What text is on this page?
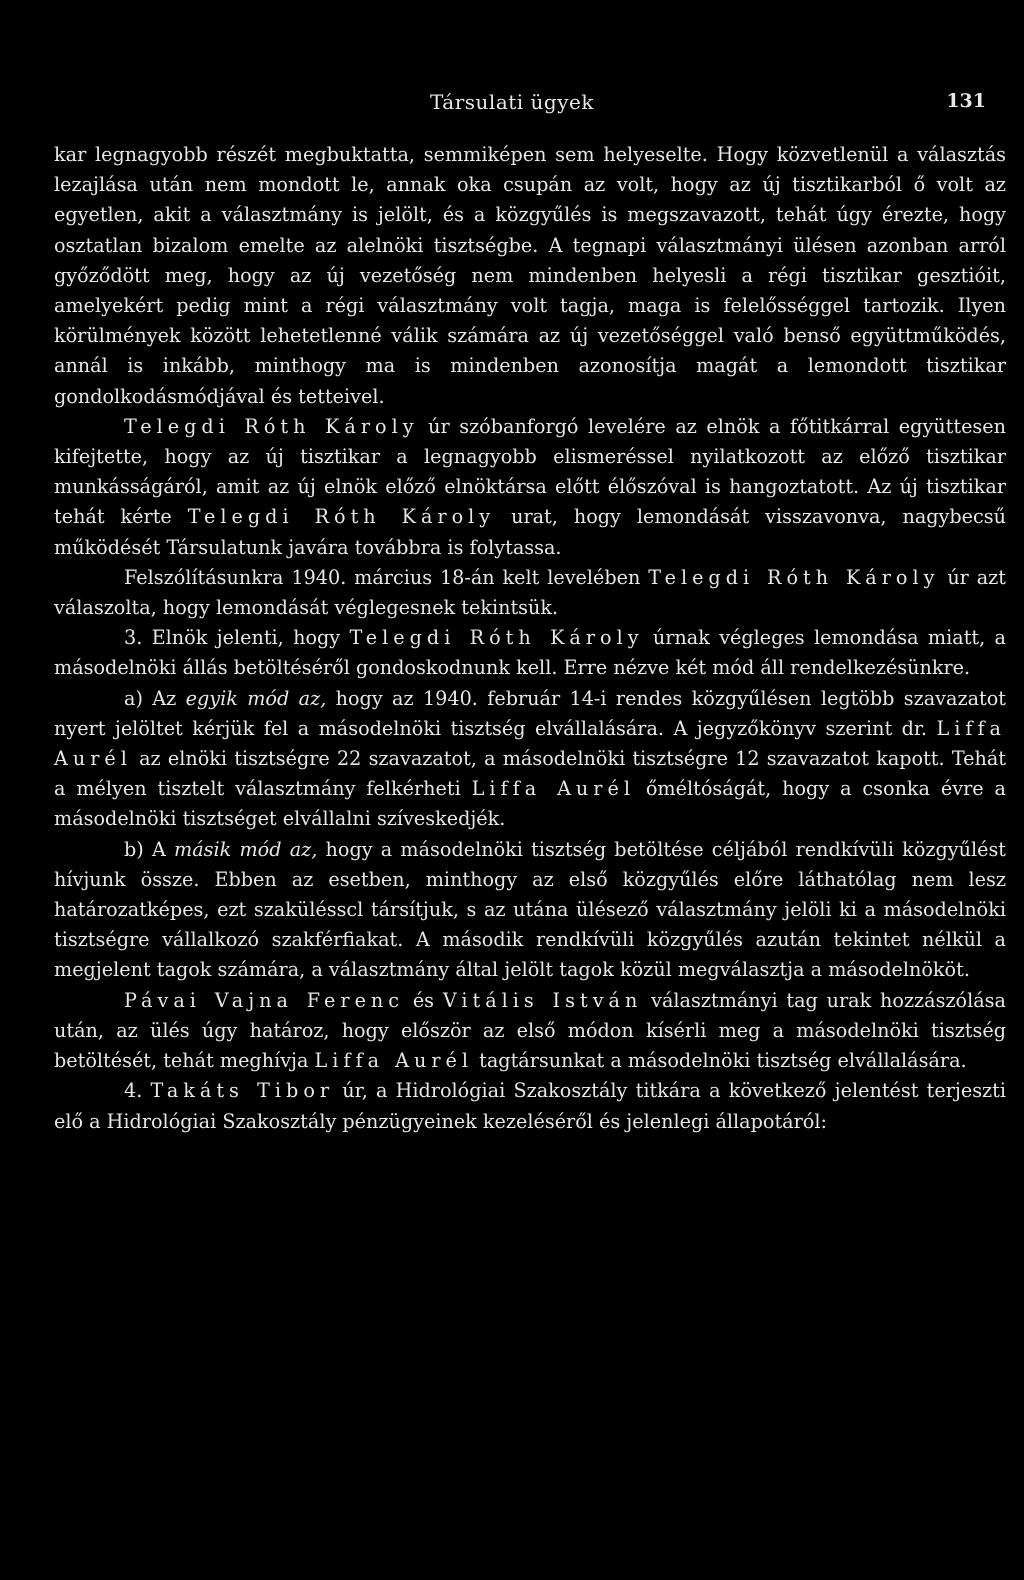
Társulati ügyek	131

kar legnagyobb részét megbuktatta, semmiképen sem helyeselte. Hogy közvetlenül a választás lezajlása után nem mondott le, annak oka csupán az volt, hogy az új tisztikarból ő volt az egyetlen, akit a választmány is jelölt, és a közgyűlés is megszavazott, tehát úgy érezte, hogy osztatlan bizalom emelte az alelnöki tisztségbe. A tegnapi választmányi ülésen azonban arról győződött meg, hogy az új vezetőség nem mindenben helyesli a régi tisztikar gesztióit, amelyekért pedig mint a régi választmány volt tagja, maga is felelősséggel tartozik. Ilyen körülmények között lehetetlenné válik számára az új vezetőséggel való benső együttműködés, annál is inkább, minthogy ma is mindenben azonosítja magát a lemondott tisztikar gondolkodásmódjával és tetteivel.

Telegdi Róth Károly úr szóbanforgó levelére az elnök a főtitkárral együttesen kifejtette, hogy az új tisztikar a legnagyobb elismeréssel nyilatkozott az előző tisztikar munkásságáról, amit az új elnök előző elnöktársa előtt élőszóval is hangoztatott. Az új tisztikar tehát kérte Telegdi Róth Károly urat, hogy lemondását visszavonva, nagybecsű működését Társulatunk javára továbbra is folytassa.

Felszólításunkra 1940. március 18-án kelt levelében Telegdi Róth Károly úr azt válaszolta, hogy lemondását véglegesnek tekintsük.

3. Elnök jelenti, hogy Telegdi Róth Károly úrnak végleges lemondása miatt, a másodelnöki állás betöltéséről gondoskodnunk kell. Erre nézve két mód áll rendelkezésünkre.

a) Az egyik mód az, hogy az 1940. február 14-i rendes közgyűlésen legtöbb szavazatot nyert jelöltet kérjük fel a másodelnöki tisztség elvállalására. A jegyzőkönyv szerint dr. Liffa Aurél az elnöki tisztségre 22 szavazatot, a másodelnöki tisztségre 12 szavazatot kapott. Tehát a mélyen tisztelt választmány felkérheti Liffa Aurél őméltóságát, hogy a csonka évre a másodelnöki tisztséget elvállalni szíveskedjék.

b) A másik mód az, hogy a másodelnöki tisztség betöltése céljából rendkívüli közgyűlést hívjunk össze. Ebben az esetben, minthogy az első közgyűlés előre láthatólag nem lesz határozatképes, ezt szakülésscl társítjuk, s az utána ülésező választmány jelöli ki a másodelnöki tisztségre vállalkozó szakférfiakat. A második rendkívüli közgyűlés azután tekintet nélkül a megjelent tagok számára, a választmány által jelölt tagok közül megválasztja a másodelnököt.

Pávai Vajna Ferenc és Vitális István választmányi tag urak hozzászólása után, az ülés úgy határoz, hogy először az első módon kísérli meg a másodelnöki tisztség betöltését, tehát meghívja Liffa Aurél tagtársunkat a másodelnöki tisztség elvállalására.

4. Takáts Tibor úr, a Hidrológiai Szakosztály titkára a következő jelentést terjeszti elő a Hidrológiai Szakosztály pénzügyeinek kezeléséről és jelenlegi állapotáról:
